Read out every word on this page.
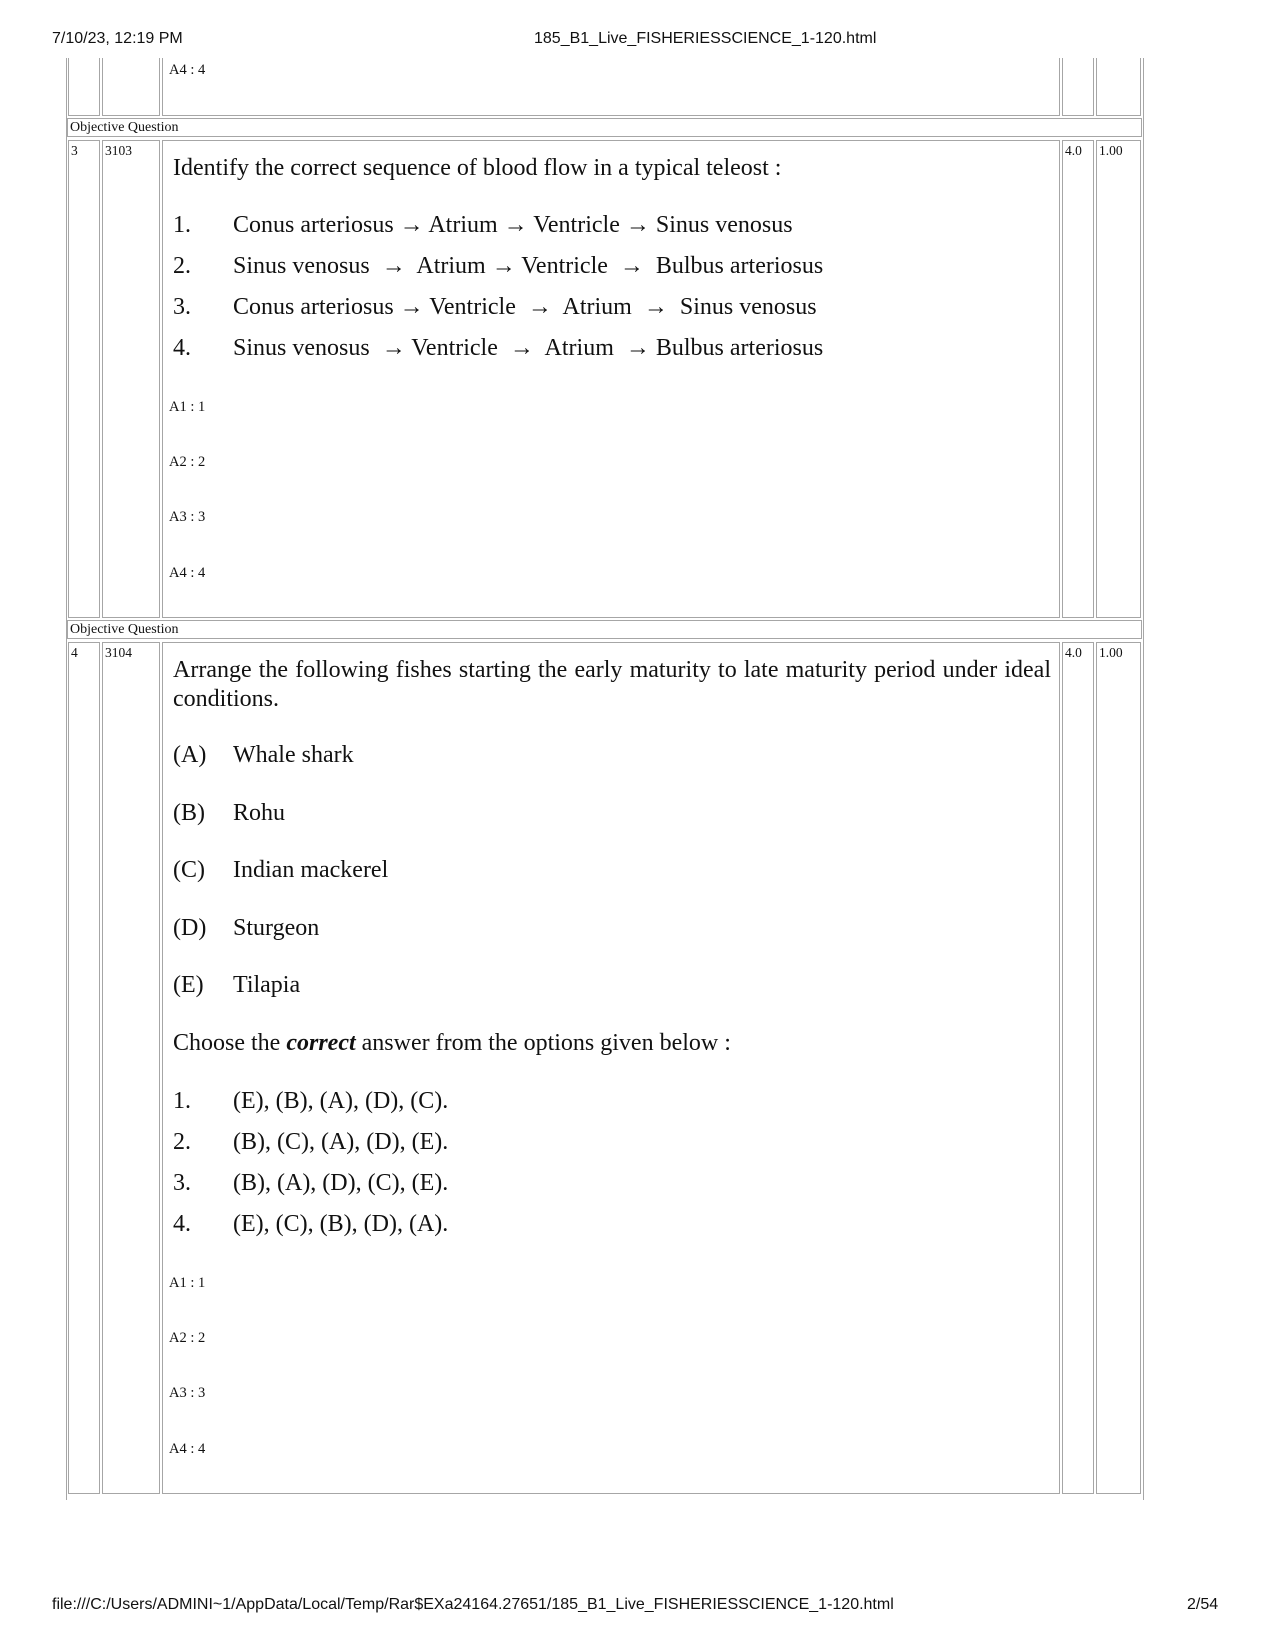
7/10/23, 12:19 PM	185_B1_Live_FISHERIESSCIENCE_1-120.html
A4 : 4
Objective Question
3 3103
Identify the correct sequence of blood flow in a typical teleost :
1. Conus arteriosus → Atrium → Ventricle → Sinus venosus
2. Sinus venosus  →  Atrium → Ventricle  →  Bulbus arteriosus
3. Conus arteriosus → Ventricle  →  Atrium  →  Sinus venosus
4. Sinus venosus  → Ventricle  →  Atrium  → Bulbus arteriosus
A1 : 1
A2 : 2
A3 : 3
A4 : 4
4.0 1.00
Objective Question
4 3104
Arrange the following fishes starting the early maturity to late maturity period under ideal conditions.
(A) Whale shark
(B) Rohu
(C) Indian mackerel
(D) Sturgeon
(E) Tilapia
Choose the correct answer from the options given below :
1. (E), (B), (A), (D), (C).
2. (B), (C), (A), (D), (E).
3. (B), (A), (D), (C), (E).
4. (E), (C), (B), (D), (A).
A1 : 1
A2 : 2
A3 : 3
A4 : 4
4.0 1.00
file:///C:/Users/ADMINI~1/AppData/Local/Temp/Rar$EXa24164.27651/185_B1_Live_FISHERIESSCIENCE_1-120.html	2/54
